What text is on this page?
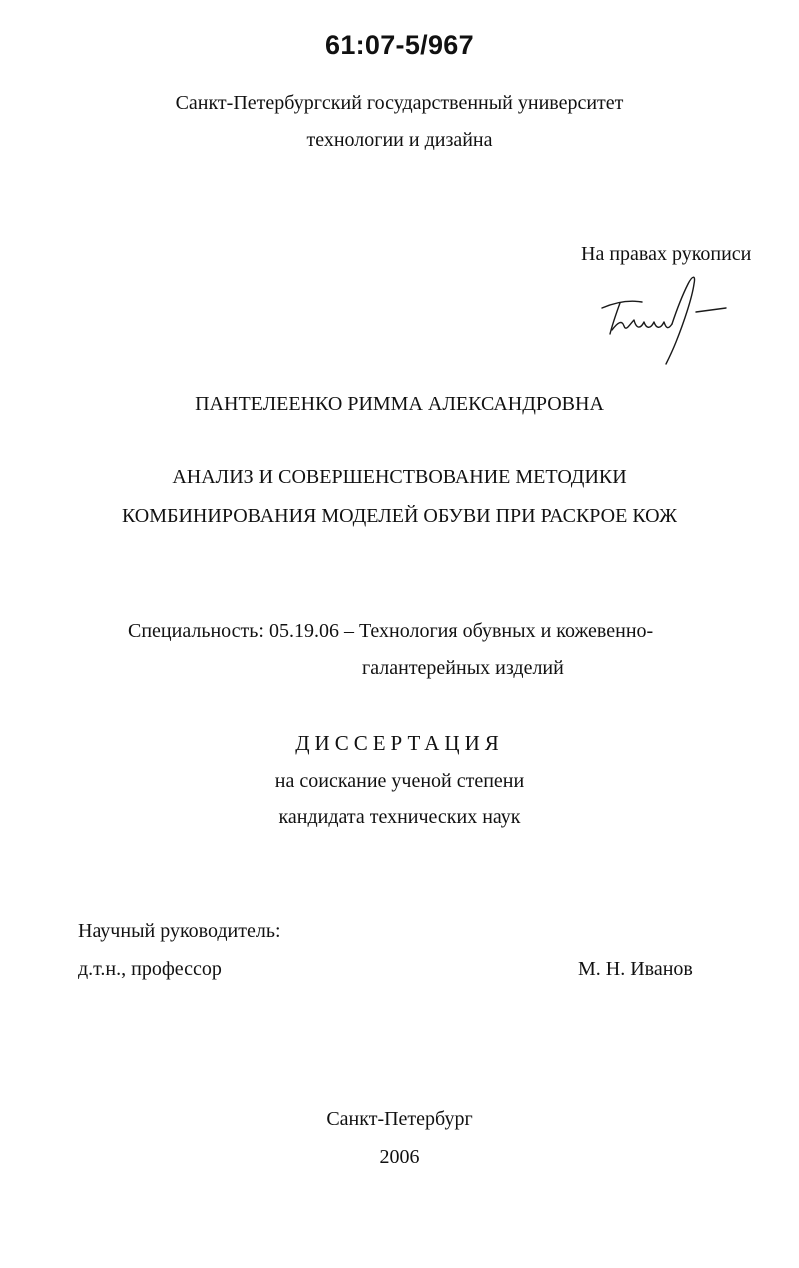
61:07-5/967
Санкт-Петербургский государственный университет
технологии и дизайна
На правах рукописи
ПАНТЕЛЕЕНКО РИММА АЛЕКСАНДРОВНА
АНАЛИЗ И СОВЕРШЕНСТВОВАНИЕ МЕТОДИКИ
КОМБИНИРОВАНИЯ МОДЕЛЕЙ ОБУВИ ПРИ РАСКРОЕ КОЖ
Специальность: 05.19.06 – Технология обувных и кожевенно-
галантерейных изделий
ДИССЕРТАЦИЯ
на соискание ученой степени
кандидата технических наук
Научный руководитель:
д.т.н., профессор	М. Н. Иванов
Санкт-Петербург
2006
